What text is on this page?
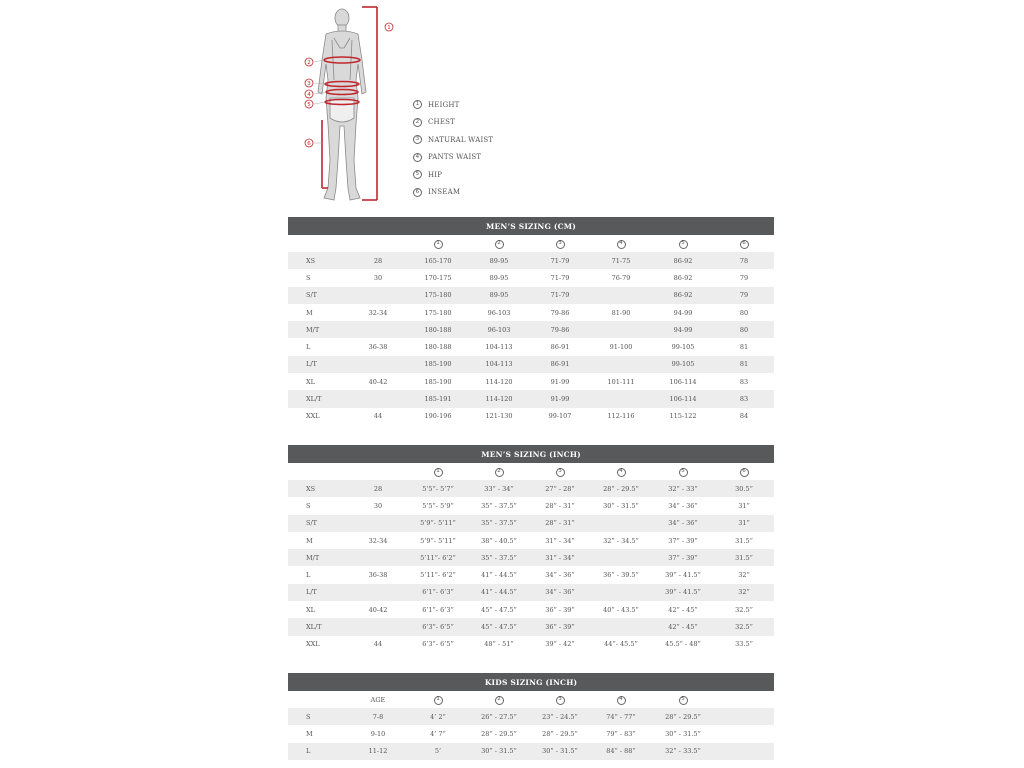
1
2
3
4
5
6
1	HEIGHT
2	CHEST
3	NATURAL WAIST
4	PANTS WAIST
5	HIP
6	INSEAM
MEN’S SIZING (CM)							
		1	2	3	4	5	6
XS	28	165-170	89-95	71-79	71-75	86-92	78
S	30	170-175	89-95	71-79	76-79	86-92	79
S/T		175-180	89-95	71-79		86-92	79
M	32-34	175-180	96-103	79-86	81-90	94-99	80
M/T		180-188	96-103	79-86		94-99	80
L	36-38	180-188	104-113	86-91	91-100	99-105	81
L/T		185-190	104-113	86-91		99-105	81
XL	40-42	185-190	114-120	91-99	101-111	106-114	83
XL/T		185-191	114-120	91-99		106-114	83
XXL	44	190-196	121-130	99-107	112-116	115-122	84
MEN’S SIZING (INCH)							
		1	2	3	4	5	6
XS	28	5’5”- 5’7”	33” - 34”	27” - 28”	28” - 29.5”	32” - 33”	30.5”
S	30	5’5”- 5’9”	35” - 37.5”	28” - 31”	30” - 31.5”	34” - 36”	31”
S/T		5’9”- 5’11”	35” - 37.5”	28” - 31”		34” - 36”	31”
M	32-34	5’9”- 5’11”	38” - 40.5”	31” - 34”	32” - 34.5”	37” - 39”	31.5”
M/T		5’11”- 6’2”	35” - 37.5”	31” - 34”		37” - 39”	31.5”
L	36-38	5’11”- 6’2”	41” - 44.5”	34” - 36”	36” - 39.5”	39” - 41.5”	32”
L/T		6’1”- 6’3”	41” - 44.5”	34” - 36”		39” - 41.5”	32”
XL	40-42	6’1”- 6’3”	45” - 47.5”	36” - 39”	40” - 43.5”	42” - 45”	32.5”
XL/T		6’3”- 6’5”	45” - 47.5”	36” - 39”		42” - 45”	32.5”
XXL	44	6’3”- 6’5”	48” - 51”	39” - 42”	44”- 45.5”	45.5” - 48”	33.5”
KIDS SIZING (INCH)							
	AGE	1	2	3	4	5	
S	7-8	4’ 2”	26” - 27.5”	23” - 24.5”	74” - 77”	28” - 29.5”	
M	9-10	4’ 7”	28” - 29.5”	28” - 29.5”	79” - 83”	30” - 31.5”	
L	11-12	5’	30” - 31.5”	30” - 31.5”	84” - 88”	32” - 33.5”	
